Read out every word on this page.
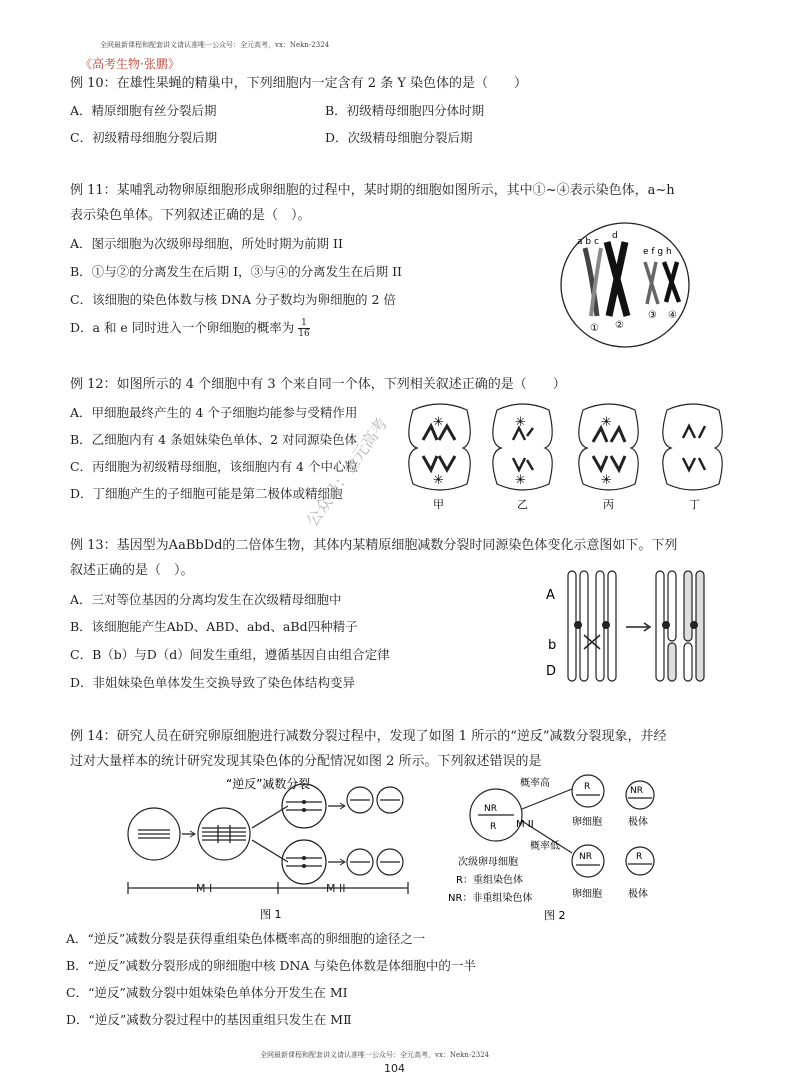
全网最新课程和配套讲义请认准唯一公众号：全元高考，vx：Nekn-2324
《高考生物·张鹏》
例 10：在雄性果蝇的精巢中，下列细胞内一定含有 2 条 Y 染色体的是（　　）
A．精原细胞有丝分裂后期	B．初级精母细胞四分体时期
C．初级精母细胞分裂后期	D．次级精母细胞分裂后期
例 11：某哺乳动物卵原细胞形成卵细胞的过程中，某时期的细胞如图所示，其中①~④表示染色体，a~h
表示染色单体。下列叙述正确的是（　）。
A．图示细胞为次级卵母细胞，所处时期为前期 II
B．①与②的分离发生在后期 I，③与④的分离发生在后期 II
C．该细胞的染色体数与核 DNA 分子数均为卵细胞的 2 倍
D．a 和 e 同时进入一个卵细胞的概率为 $\frac{1}{16}$
a b c
d
e f g h
① ②
③ ④
例 12：如图所示的 4 个细胞中有 3 个来自同一个体，下列相关叙述正确的是（　　）
A．甲细胞最终产生的 4 个子细胞均能参与受精作用
B．乙细胞内有 4 条姐妹染色单体、2 对同源染色体
C．丙细胞为初级精母细胞，该细胞内有 4 个中心粒
D．丁细胞产生的子细胞可能是第二极体或精细胞
✳
✳
甲
✳
✳
乙
✳
✳
丙	丁
公众号：全元高考
例 13：基因型为AaBbDd的二倍体生物，其体内某精原细胞减数分裂时同源染色体变化示意图如下。下列
叙述正确的是（　）。
A．三对等位基因的分离均发生在次级精母细胞中
B．该细胞能产生AbD、ABD、abd、aBd四种精子
C．B（b）与D（d）间发生重组，遵循基因自由组合定律
D．非姐妹染色单体发生交换导致了染色体结构变异
A
b
D
例 14：研究人员在研究卵原细胞进行减数分裂过程中，发现了如图 1 所示的“逆反”减数分裂现象，并经
过对大量样本的统计研究发现其染色体的分配情况如图 2 所示。下列叙述错误的是
“逆反”减数分裂
M I	M II
图 1
NR
R
概率高
M II
概率低
R
卵细胞
NR
极体
NR
卵细胞
R
极体
次级卵母细胞
R：重组染色体
NR：非重组染色体
图 2
A．“逆反”减数分裂是获得重组染色体概率高的卵细胞的途径之一
B．“逆反”减数分裂形成的卵细胞中核 DNA 与染色体数是体细胞中的一半
C．“逆反”减数分裂中姐妹染色单体分开发生在 MI
D．“逆反”减数分裂过程中的基因重组只发生在 MⅡ
全网最新课程和配套讲义请认准唯一公众号：全元高考，vx：Nekn-2324
104
